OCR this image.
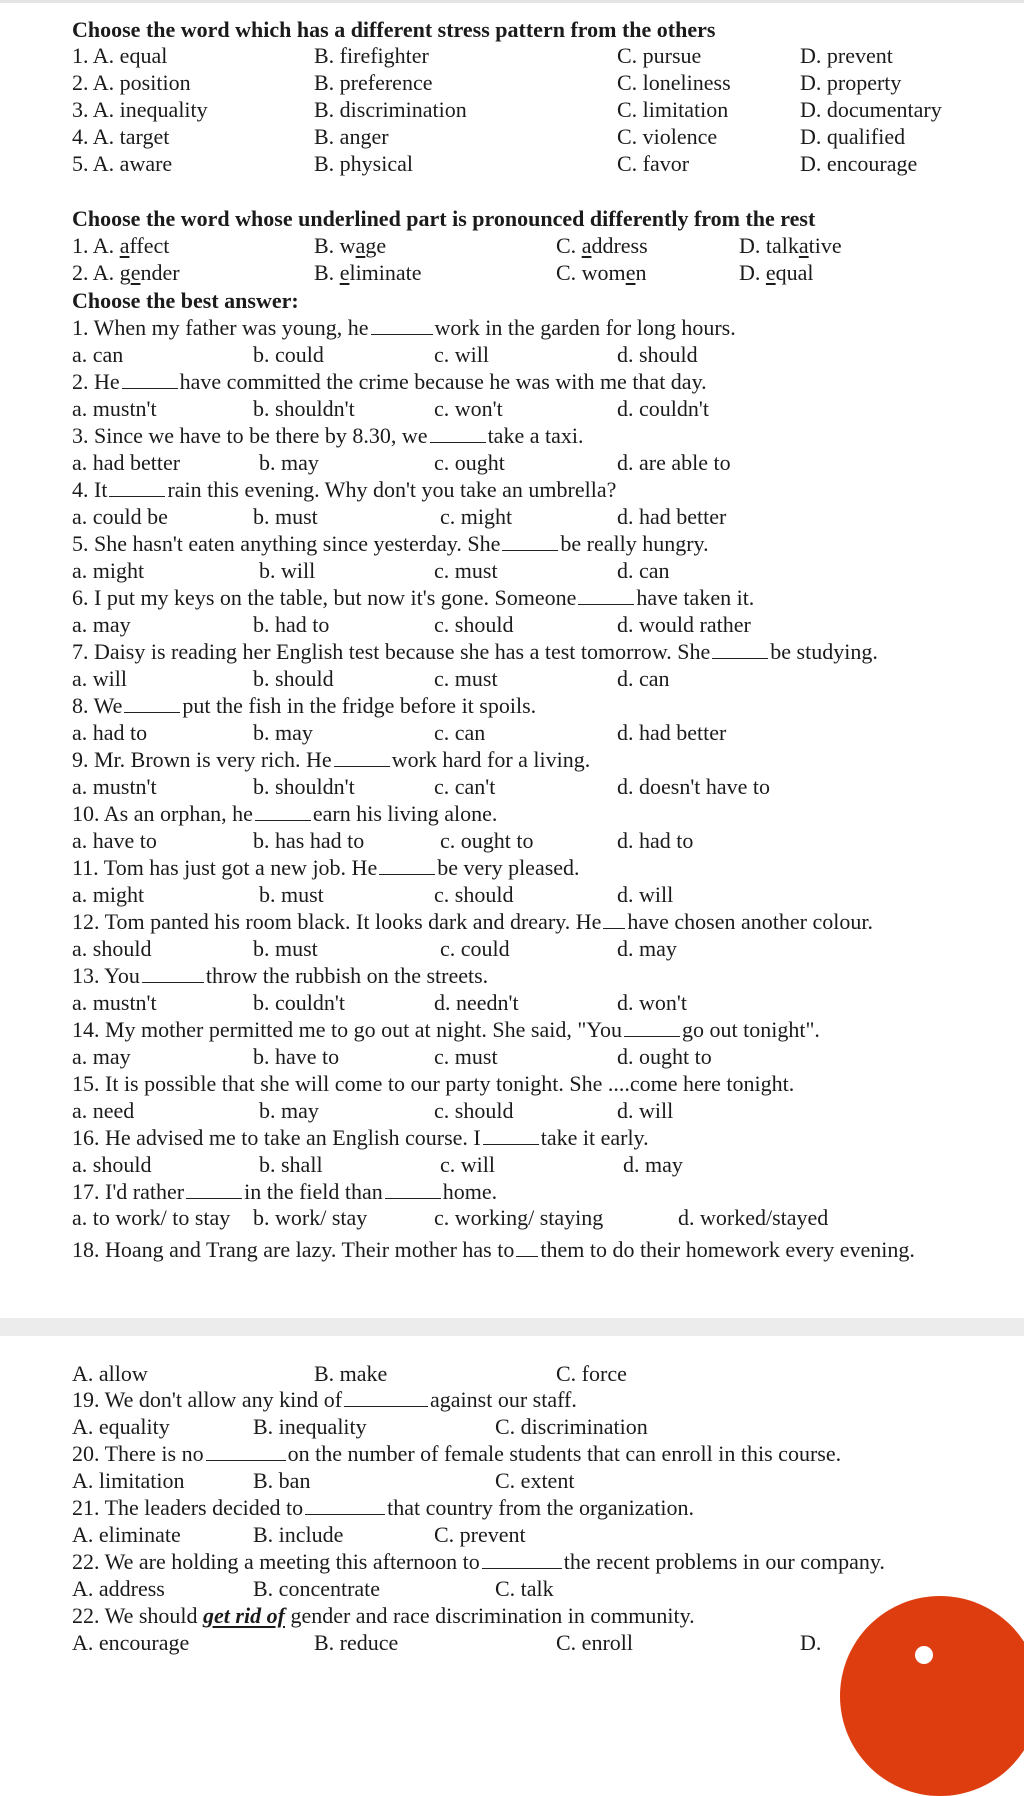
Choose the word which has a different stress pattern from the others
1. A. equal	B. firefighter	C. pursue	D. prevent
2. A. position	B. preference	C. loneliness	D. property
3. A. inequality	B. discrimination	C. limitation	D. documentary
4. A. target	B. anger	C. violence	D. qualified
5. A. aware	B. physical	C. favor	D. encourage
Choose the word whose underlined part is pronounced differently from the rest
1. A. affect	B. wage	C. address	D. talkative
2. A. gender	B. eliminate	C. women	D. equal
Choose the best answer:
1. When my father was young, he	work in the garden for long hours.
a. can	b. could	c. will	d. should
2. He	have committed the crime because he was with me that day.
a. mustn't	b. shouldn't	c. won't	d. couldn't
3. Since we have to be there by 8.30, we	take a taxi.
a. had better	b. may	c. ought	d. are able to
4. It	rain this evening. Why don't you take an umbrella?
a. could be	b. must	c. might	d. had better
5. She hasn't eaten anything since yesterday. She	be really hungry.
a. might	b. will	c. must	d. can
6. I put my keys on the table, but now it's gone. Someone	have taken it.
a. may	b. had to	c. should	d. would rather
7. Daisy is reading her English test because she has a test tomorrow. She	be studying.
a. will	b. should	c. must	d. can
8. We	put the fish in the fridge before it spoils.
a. had to	b. may	c. can	d. had better
9. Mr. Brown is very rich. He	work hard for a living.
a. mustn't	b. shouldn't	c. can't	d. doesn't have to
10. As an orphan, he	earn his living alone.
a. have to	b. has had to	c. ought to	d. had to
11. Tom has just got a new job. He	be very pleased.
a. might	b. must	c. should	d. will
12. Tom panted his room black. It looks dark and dreary. He have chosen another colour.
a. should	b. must	c. could	d. may
13. You	throw the rubbish on the streets.
a. mustn't	b. couldn't	d. needn't	d. won't
14. My mother permitted me to go out at night. She said, "You	go out tonight".
a. may	b. have to	c. must	d. ought to
15. It is possible that she will come to our party tonight. She ....come here tonight.
a. need	b. may	c. should	d. will
16. He advised me to take an English course. I	take it early.
a. should	b. shall	c. will	d. may
17. I'd rather	in the field than	home.
a. to work/ to stay b. work/ stay	c. working/ staying	d. worked/stayed
18. Hoang and Trang are lazy. Their mother has to them to do their homework every evening.
A. allow	B. make	C. force
19. We don't allow any kind of	against our staff.
A. equality	B. inequality	C. discrimination
20. There is no	on the number of female students that can enroll in this course.
A. limitation	B. ban	C. extent
21. The leaders decided to	that country from the organization.
A. eliminate	B. include	C. prevent
22. We are holding a meeting this afternoon to	the recent problems in our company.
A. address	B. concentrate	C. talk
22. We should get rid of gender and race discrimination in community.
A. encourage	B. reduce	C. enroll	D.
